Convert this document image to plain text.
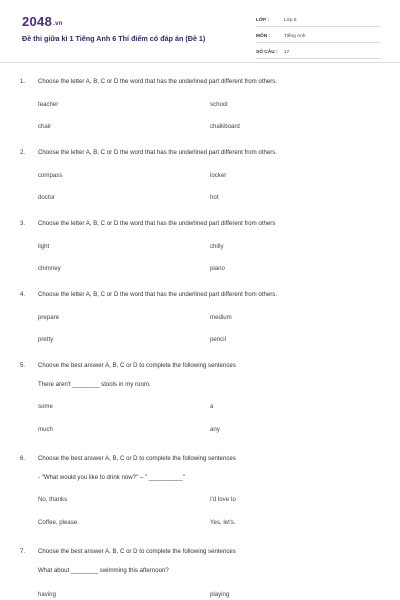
2048.vn
Đề thi giữa kì 1 Tiếng Anh 6 Thí điểm có đáp án (Đề 1)
LỚP :	Lớp 6
MÔN :	Tiếng Anh
SỐ CÂU :	17
1.	Choose the letter A, B, C or D the word that has the underlined part different from others.
teacher	school
chair	chalkboard
2.	Choose the letter A, B, C or D the word that has the underlined part different from others.
compass	locker
doctor	hot
3.	Choose the letter A, B, C or D the word that has the underlined part different from others
light	chilly
chimney	piano
4.	Choose the letter A, B, C or D the word that has the underlined part different from others.
prepare	medium
pretty	pencil
5.	Choose the best answer A, B, C or D to complete the following sentences
There aren't ________ stools in my room.
some	a
much	any
6.	Choose the best answer A, B, C or D to complete the following sentences
- "What would you like to drink now?" – " __________"
No, thanks	I'd love to
Coffee, please.	Yes, let's.
7.	Choose the best answer A, B, C or D to complete the following sentences
What about ________ swimming this afternoon?
having	playing
